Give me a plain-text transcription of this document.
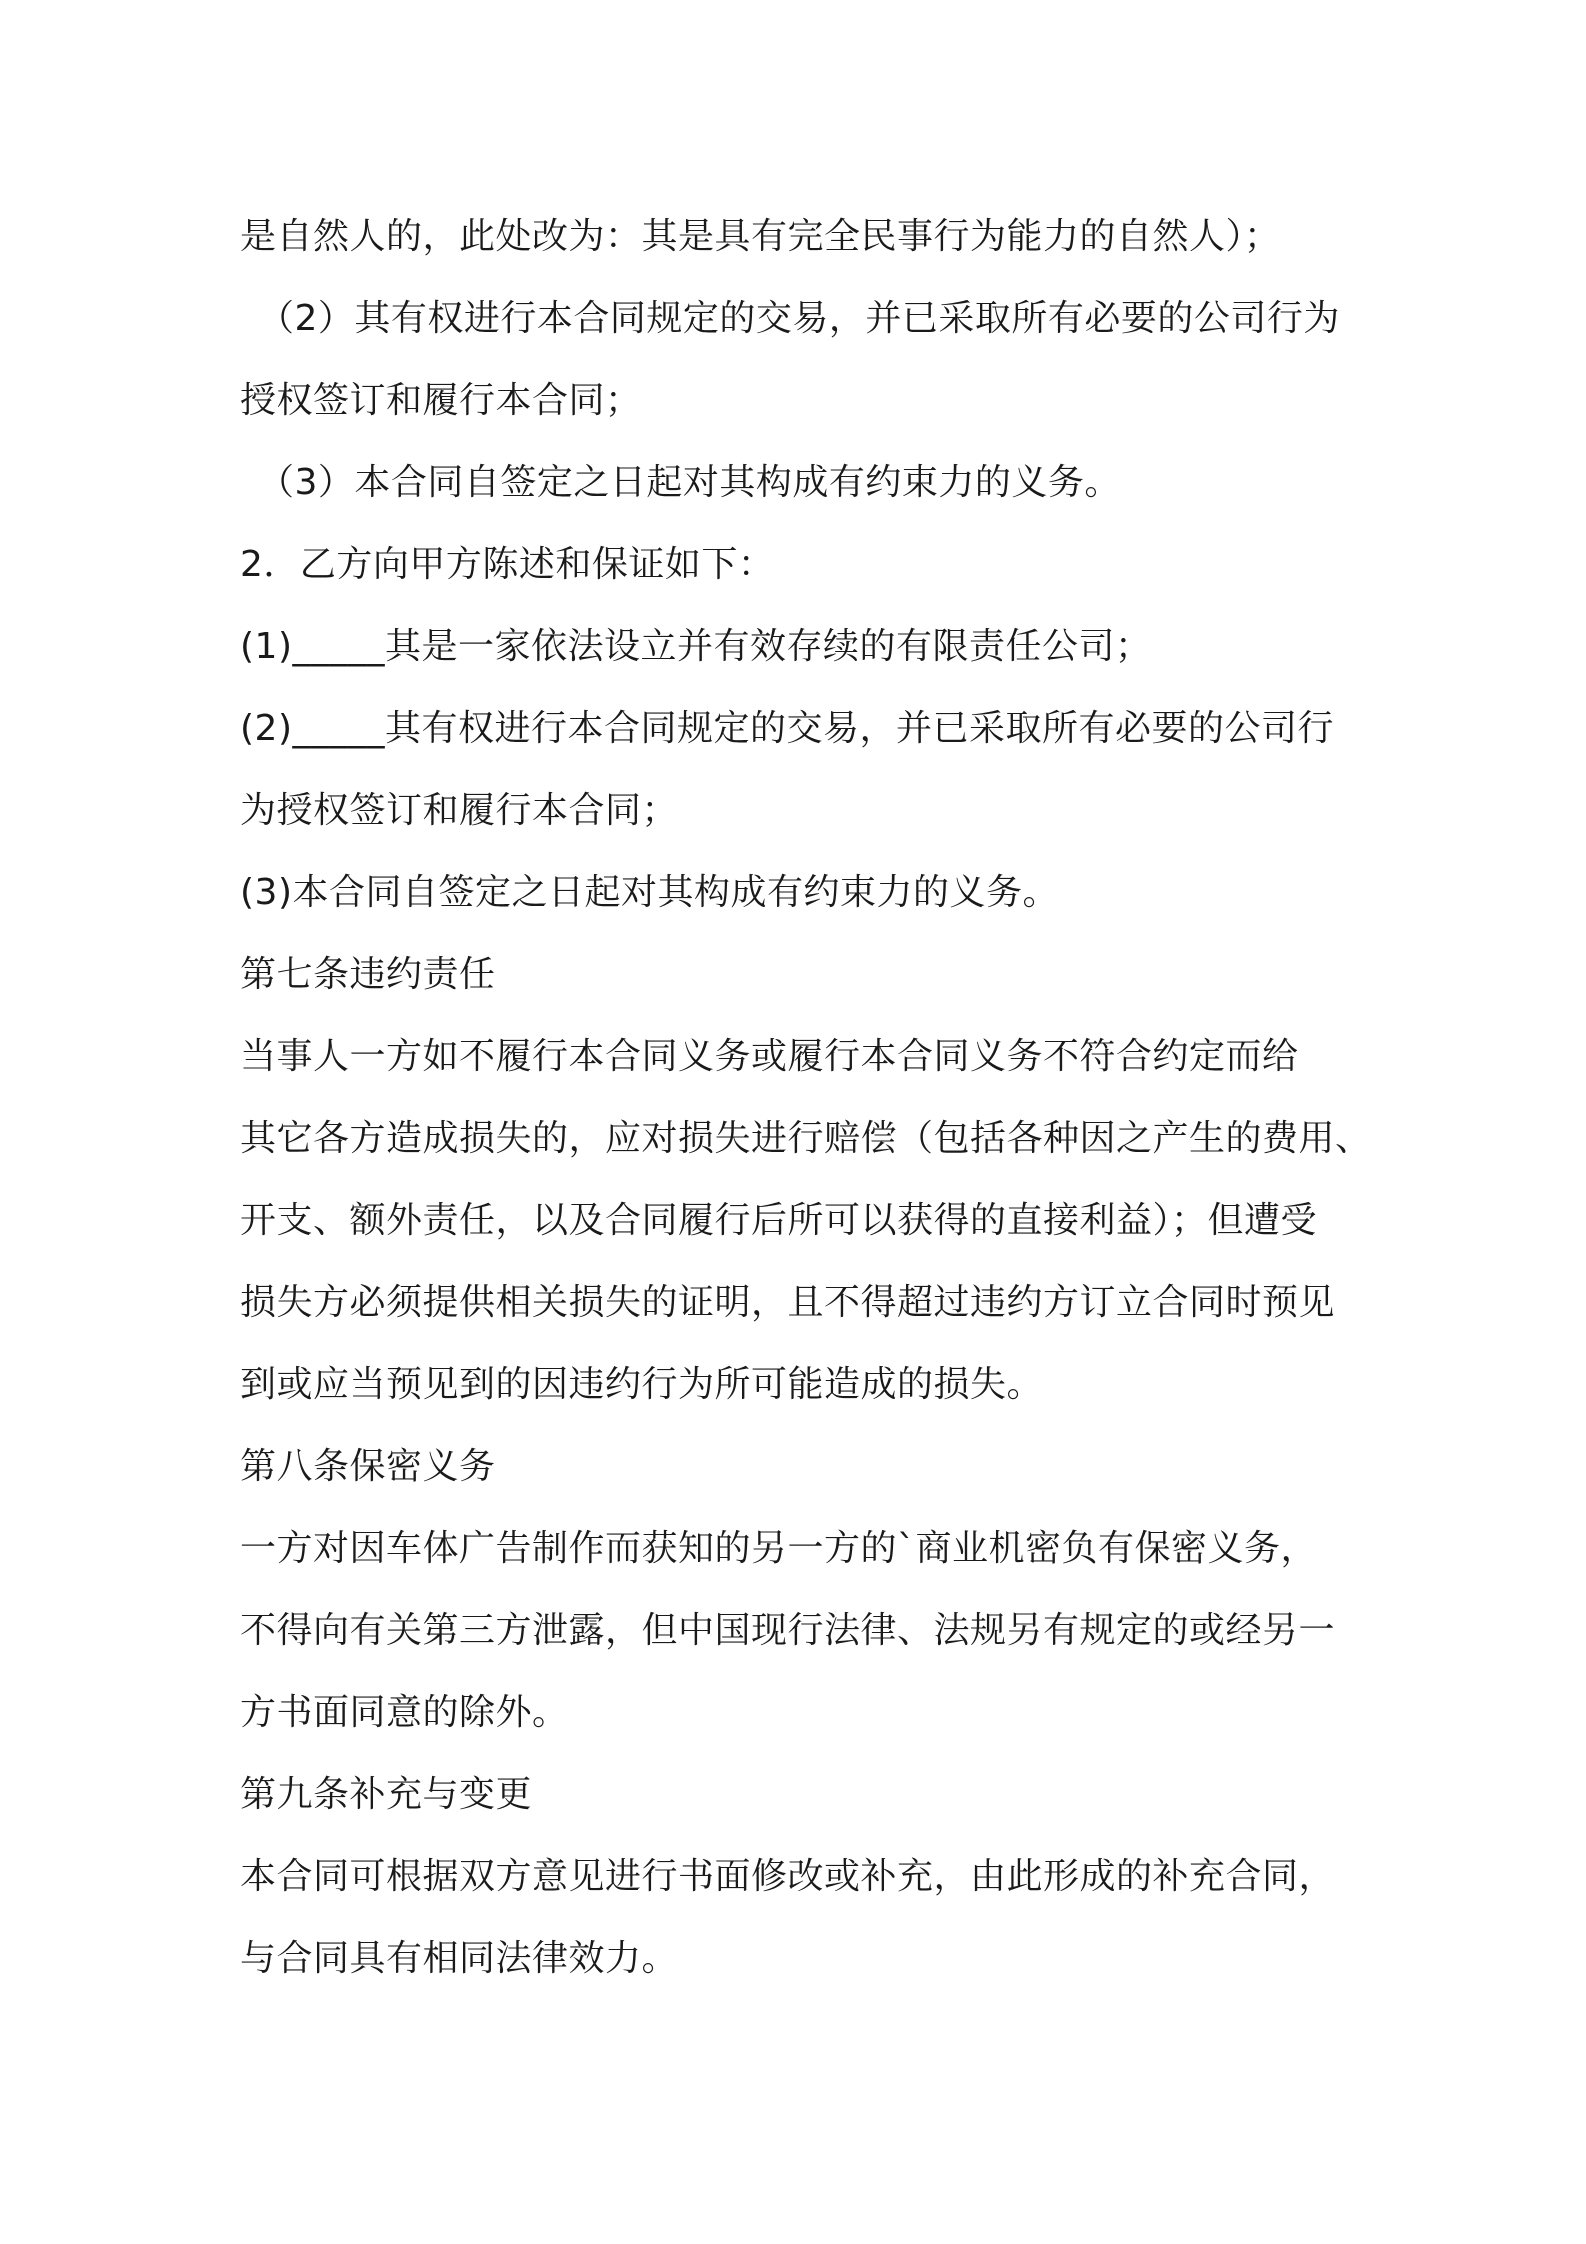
是自然人的，此处改为：其是具有完全民事行为能力的自然人）；
（2）其有权进行本合同规定的交易，并已采取所有必要的公司行为
授权签订和履行本合同；
（3）本合同自签定之日起对其构成有约束力的义务。
2．乙方向甲方陈述和保证如下：
(1)_____其是一家依法设立并有效存续的有限责任公司；
(2)_____其有权进行本合同规定的交易，并已采取所有必要的公司行
为授权签订和履行本合同；
(3)本合同自签定之日起对其构成有约束力的义务。
第七条违约责任
当事人一方如不履行本合同义务或履行本合同义务不符合约定而给
其它各方造成损失的，应对损失进行赔偿（包括各种因之产生的费用、
开支、额外责任，以及合同履行后所可以获得的直接利益）；但遭受
损失方必须提供相关损失的证明，且不得超过违约方订立合同时预见
到或应当预见到的因违约行为所可能造成的损失。
第八条保密义务
一方对因车体广告制作而获知的另一方的`商业机密负有保密义务，
不得向有关第三方泄露，但中国现行法律、法规另有规定的或经另一
方书面同意的除外。
第九条补充与变更
本合同可根据双方意见进行书面修改或补充，由此形成的补充合同，
与合同具有相同法律效力。
